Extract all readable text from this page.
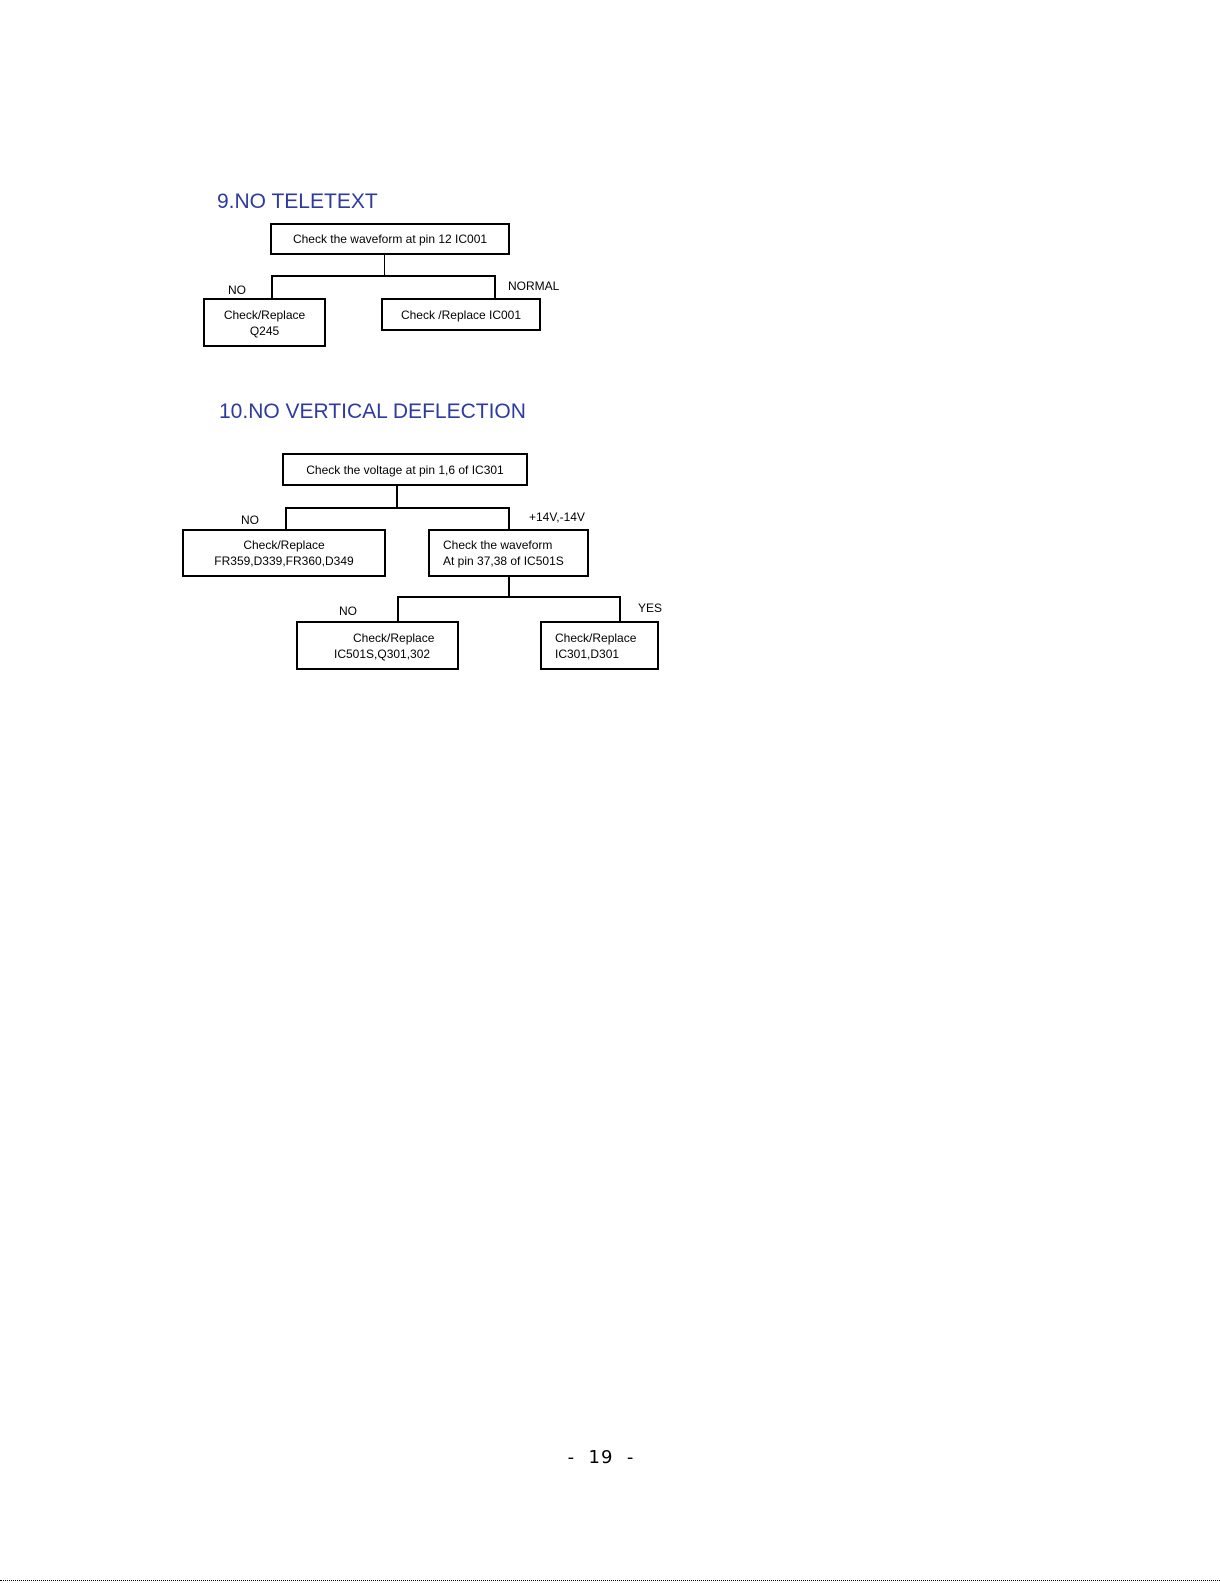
9.NO TELETEXT
Check the waveform at pin 12 IC001
NO	NORMAL
Check/Replace
Q245
Check /Replace IC001
10.NO VERTICAL DEFLECTION
Check the voltage at pin 1,6 of IC301
NO	+14V,-14V
Check/Replace
FR359,D339,FR360,D349
Check the waveform
At pin 37,38 of IC501S
NO	YES
Check/Replace
IC501S,Q301,302
Check/Replace
IC301,D301
-  19  -
